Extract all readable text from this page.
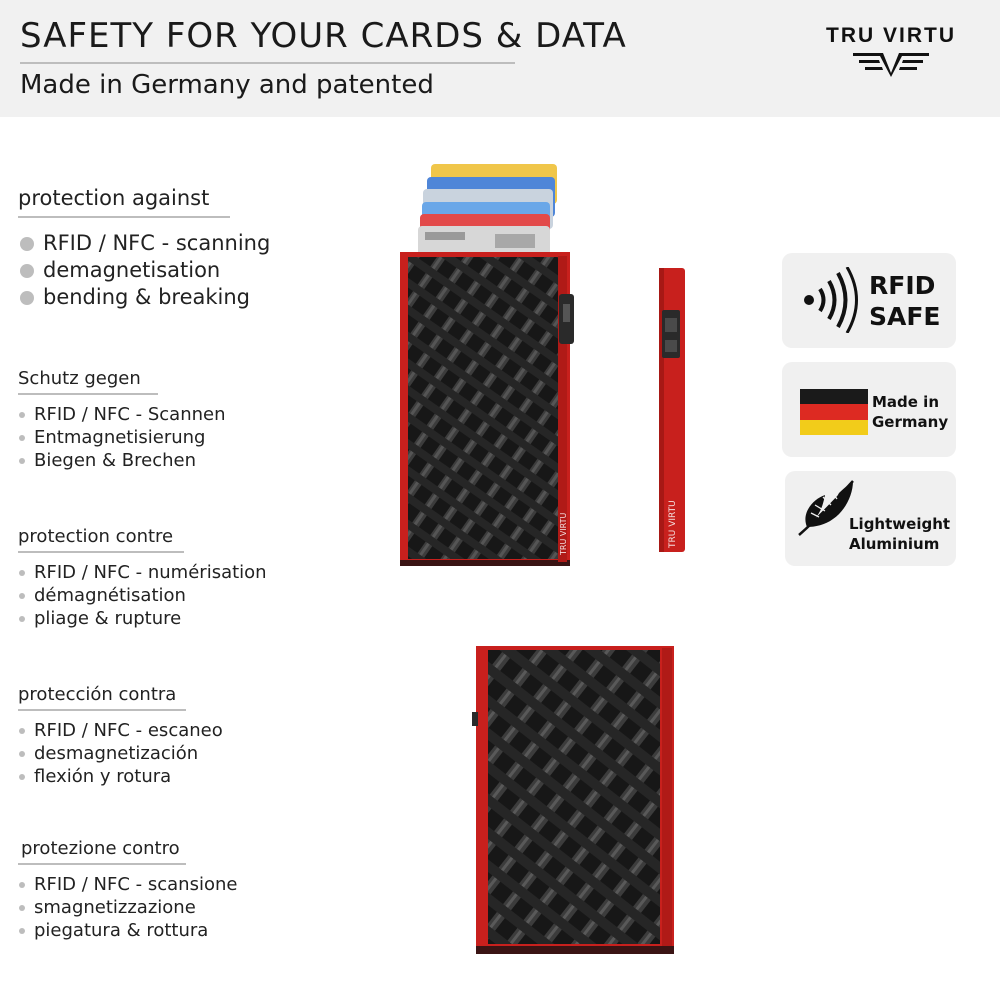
SAFETY FOR YOUR CARDS & DATA
Made in Germany and patented
TRU VIRTU
protection against
RFID / NFC - scanning
demagnetisation
bending & breaking
Schutz gegen
RFID / NFC - Scannen
Entmagnetisierung
Biegen & Brechen
protection contre
RFID / NFC - numérisation
démagnétisation
pliage & rupture
protección contra
RFID / NFC - escaneo
desmagnetización
flexión y rotura
protezione contro
RFID / NFC - scansione
smagnetizzazione
piegatura & rottura
TRU VIRTU	TRU VIRTU
RFID
SAFE
Made in
Germany
Lightweight
Aluminium
